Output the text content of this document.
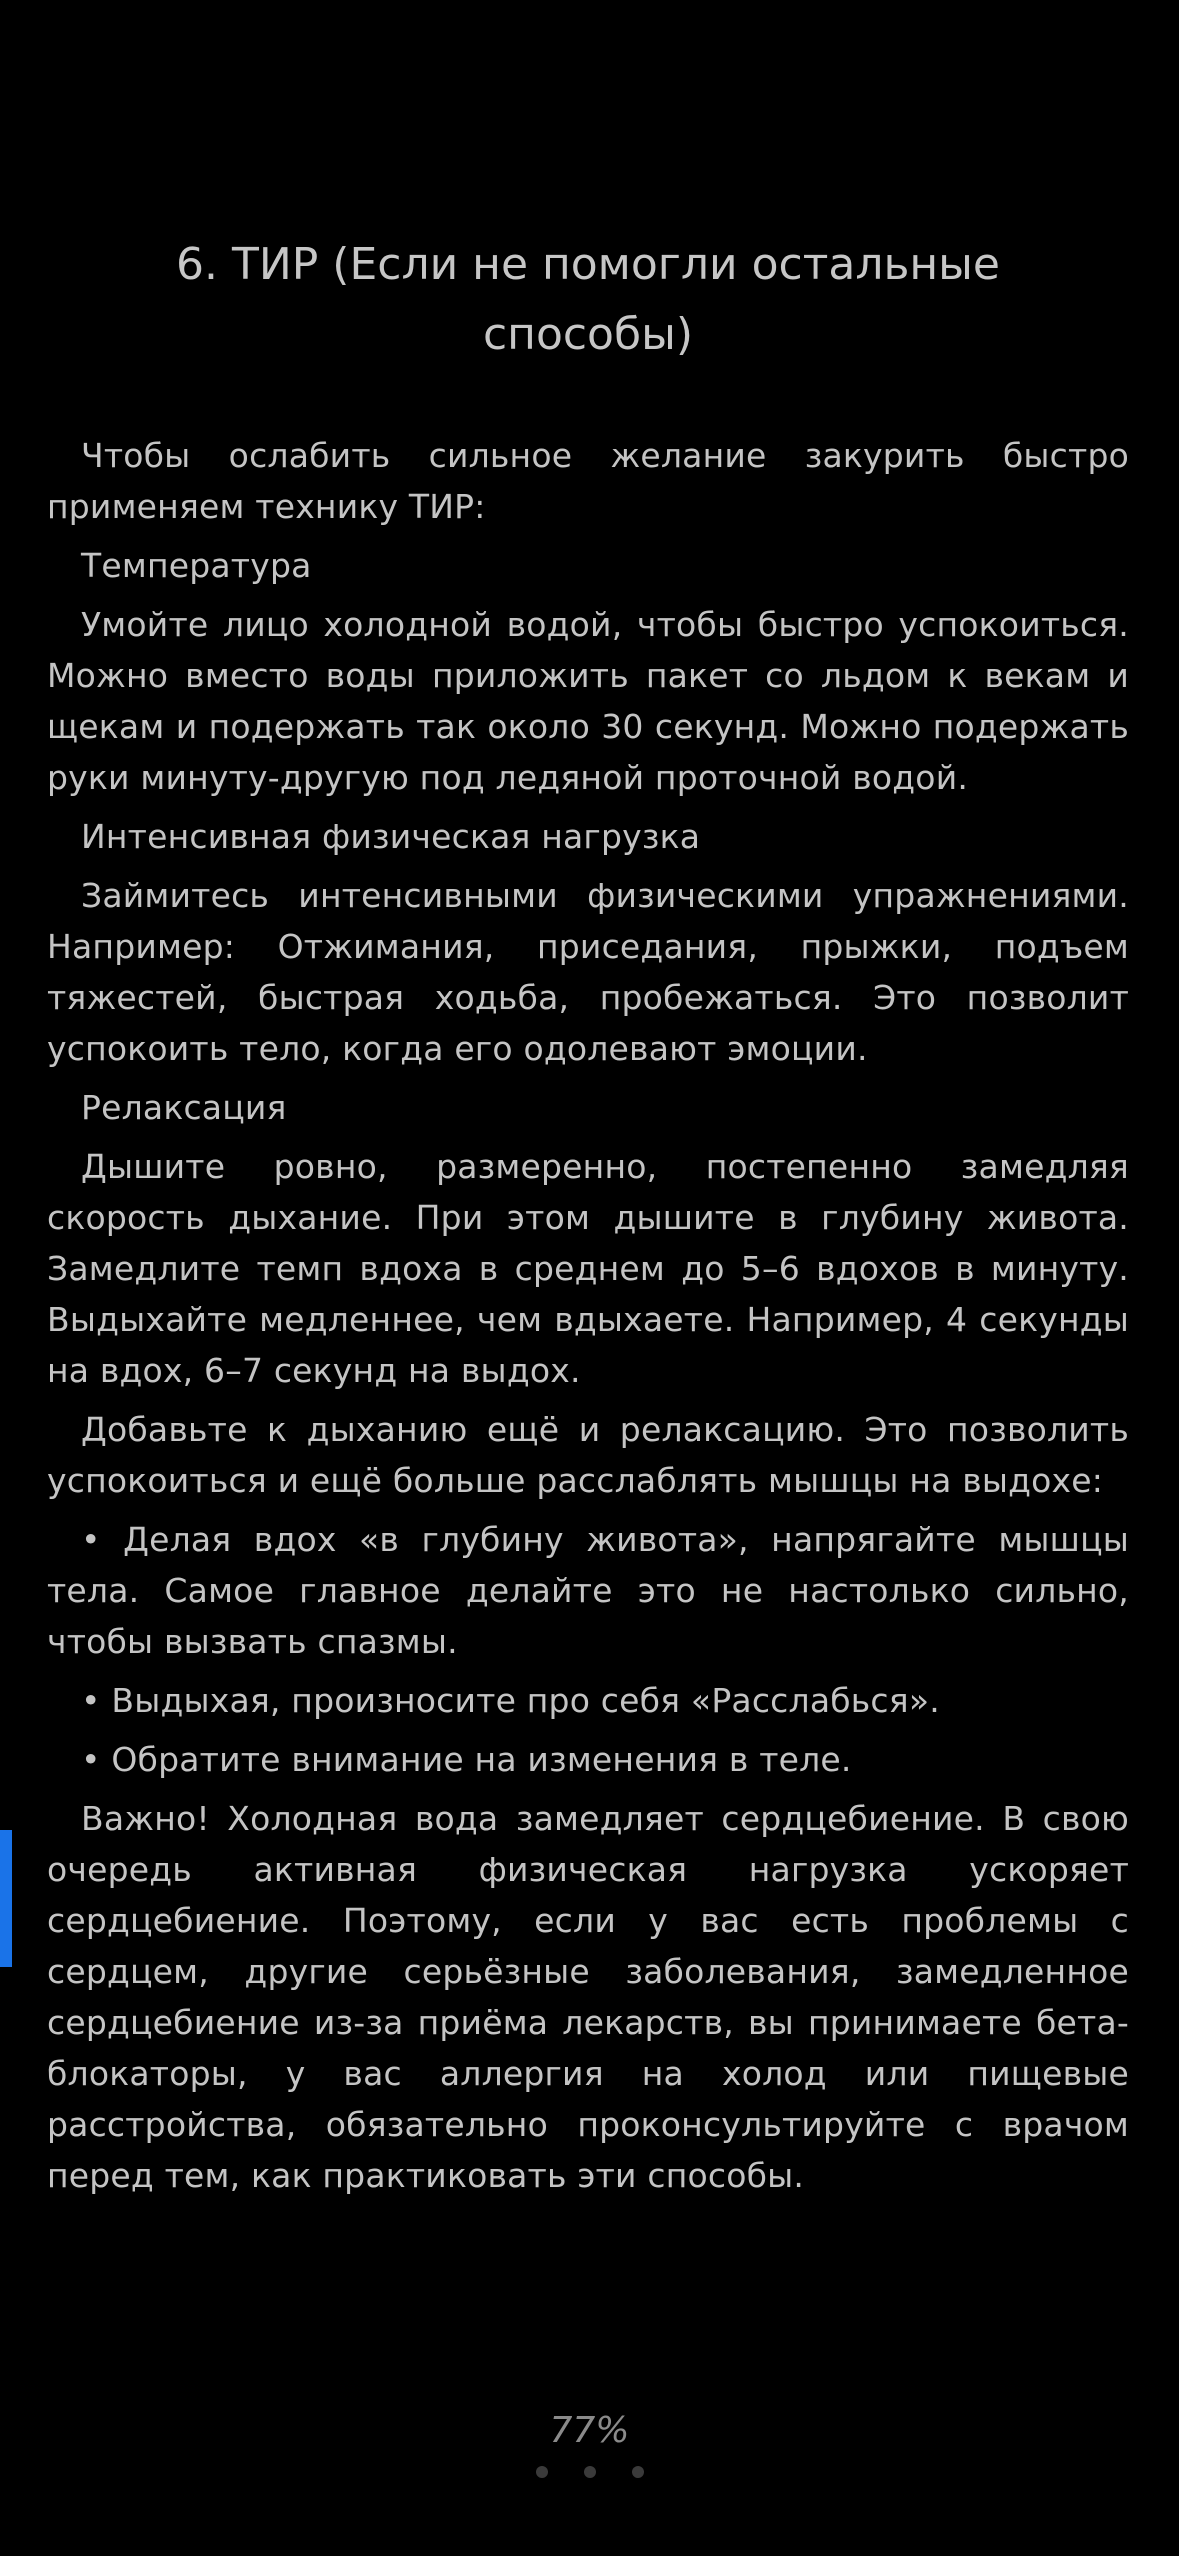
6. ТИР (Если не помогли остальные способы)

Чтобы ослабить сильное желание закурить быстро применяем технику ТИР:

Температура

Умойте лицо холодной водой, чтобы быстро успокоиться. Можно вместо воды приложить пакет со льдом к векам и щекам и подержать так около 30 секунд. Можно подержать руки минуту-другую под ледяной проточной водой.

Интенсивная физическая нагрузка

Займитесь интенсивными физическими упражнениями. Например: Отжимания, приседания, прыжки, подъем тяжестей, быстрая ходьба, пробежаться. Это позволит успокоить тело, когда его одолевают эмоции.

Релаксация

Дышите ровно, размеренно, постепенно замедляя скорость дыхание. При этом дышите в глубину живота. Замедлите темп вдоха в среднем до 5–6 вдохов в минуту. Выдыхайте медленнее, чем вдыхаете. Например, 4 секунды на вдох, 6–7 секунд на выдох.

Добавьте к дыханию ещё и релаксацию. Это позволить успокоиться и ещё больше расслаблять мышцы на выдохе:

• Делая вдох «в глубину живота», напрягайте мышцы тела. Самое главное делайте это не настолько сильно, чтобы вызвать спазмы.

• Выдыхая, произносите про себя «Расслабься».

• Обратите внимание на изменения в теле.

Важно! Холодная вода замедляет сердцебиение. В свою очередь активная физическая нагрузка ускоряет сердцебиение. Поэтому, если у вас есть проблемы с сердцем, другие серьёзные заболевания, замедленное сердцебиение из-за приёма лекарств, вы принимаете бета-блокаторы, у вас аллергия на холод или пищевые расстройства, обязательно проконсультируйте с врачом перед тем, как практиковать эти способы.

77%
